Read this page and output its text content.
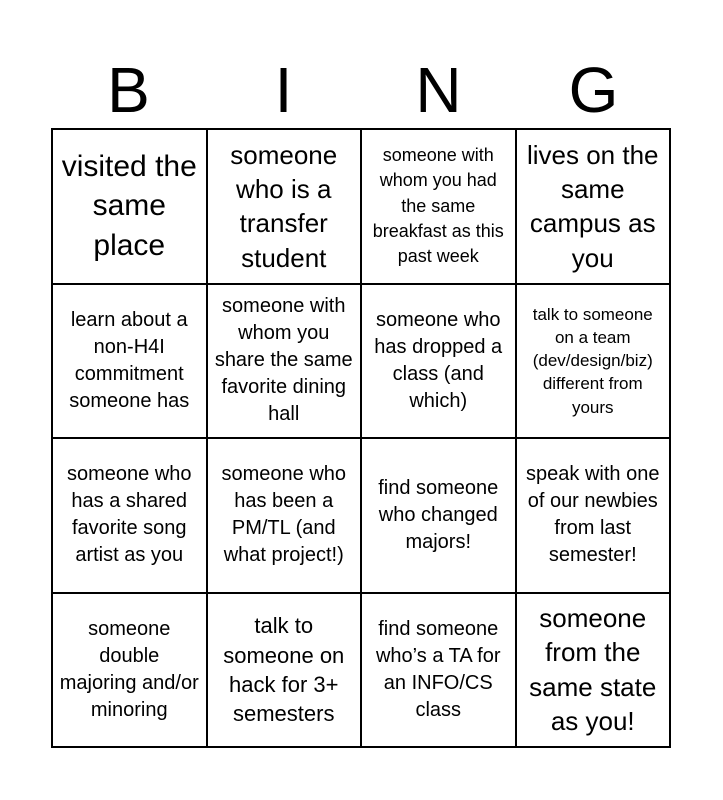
B	I	N	G
visited the same place
someone who is a transfer student
someone with whom you had the same breakfast as this past week
lives on the same campus as you
learn about a non-H4I commitment someone has
someone with whom you share the same favorite dining hall
someone who has dropped a class (and which)
talk to someone on a team (dev/design/biz) different from yours
someone who has a shared favorite song artist as you
someone who has been a PM/TL (and what project!)
find someone who changed majors!
speak with one of our newbies from last semester!
someone double majoring and/or minoring
talk to someone on hack for 3+ semesters
find someone who’s a TA for an INFO/CS class
someone from the same state as you!
